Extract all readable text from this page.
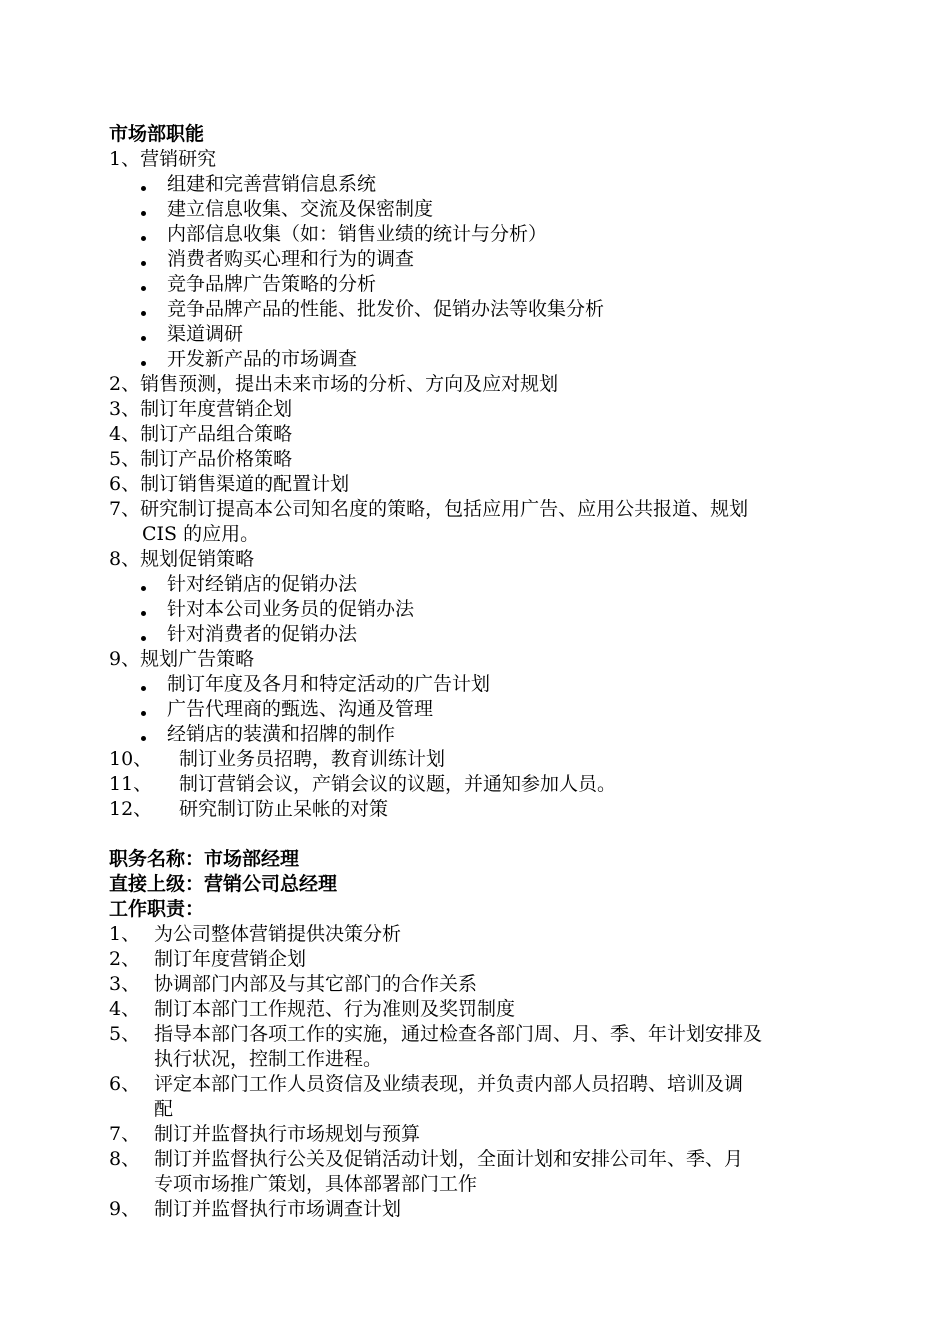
市场部职能
1、营销研究
组建和完善营销信息系统
建立信息收集、交流及保密制度
内部信息收集（如：销售业绩的统计与分析）
消费者购买心理和行为的调查
竞争品牌广告策略的分析
竞争品牌产品的性能、批发价、促销办法等收集分析
渠道调研
开发新产品的市场调查
2、销售预测，提出未来市场的分析、方向及应对规划
3、制订年度营销企划
4、制订产品组合策略
5、制订产品价格策略
6、制订销售渠道的配置计划
7、研究制订提高本公司知名度的策略，包括应用广告、应用公共报道、规划
CIS 的应用。
8、规划促销策略
针对经销店的促销办法
针对本公司业务员的促销办法
针对消费者的促销办法
9、规划广告策略
制订年度及各月和特定活动的广告计划
广告代理商的甄选、沟通及管理
经销店的装潢和招牌的制作
10、 制订业务员招聘，教育训练计划
11、 制订营销会议，产销会议的议题，并通知参加人员。
12、 研究制订防止呆帐的对策
职务名称：市场部经理
直接上级：营销公司总经理
工作职责：
1、 为公司整体营销提供决策分析
2、 制订年度营销企划
3、 协调部门内部及与其它部门的合作关系
4、 制订本部门工作规范、行为准则及奖罚制度
5、 指导本部门各项工作的实施，通过检查各部门周、月、季、年计划安排及
执行状况，控制工作进程。
6、 评定本部门工作人员资信及业绩表现，并负责内部人员招聘、培训及调
配
7、 制订并监督执行市场规划与预算
8、 制订并监督执行公关及促销活动计划，全面计划和安排公司年、季、月
专项市场推广策划，具体部署部门工作
9、 制订并监督执行市场调查计划
